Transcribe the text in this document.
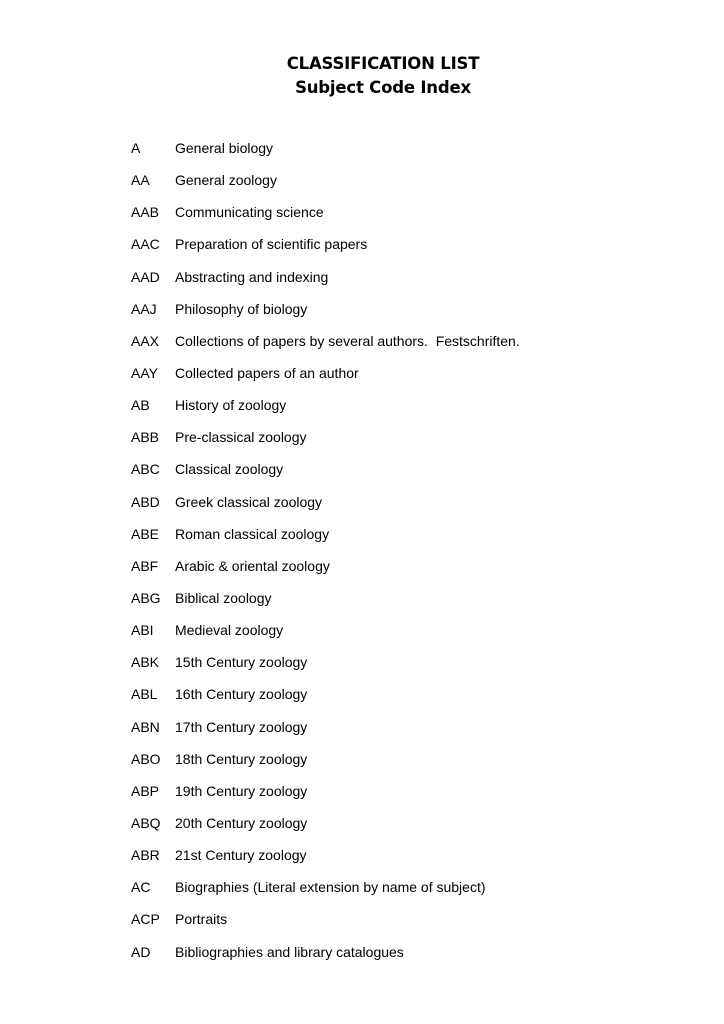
CLASSIFICATION LIST
Subject Code Index
A	General biology
AA	General zoology
AAB	Communicating science
AAC	Preparation of scientific papers
AAD	Abstracting and indexing
AAJ	Philosophy of biology
AAX	Collections of papers by several authors.  Festschriften.
AAY	Collected papers of an author
AB	History of zoology
ABB	Pre-classical zoology
ABC	Classical zoology
ABD	Greek classical zoology
ABE	Roman classical zoology
ABF	Arabic & oriental zoology
ABG	Biblical zoology
ABI	Medieval zoology
ABK	15th Century zoology
ABL	16th Century zoology
ABN	17th Century zoology
ABO	18th Century zoology
ABP	19th Century zoology
ABQ	20th Century zoology
ABR	21st Century zoology
AC	Biographies (Literal extension by name of subject)
ACP	Portraits
AD	Bibliographies and library catalogues
